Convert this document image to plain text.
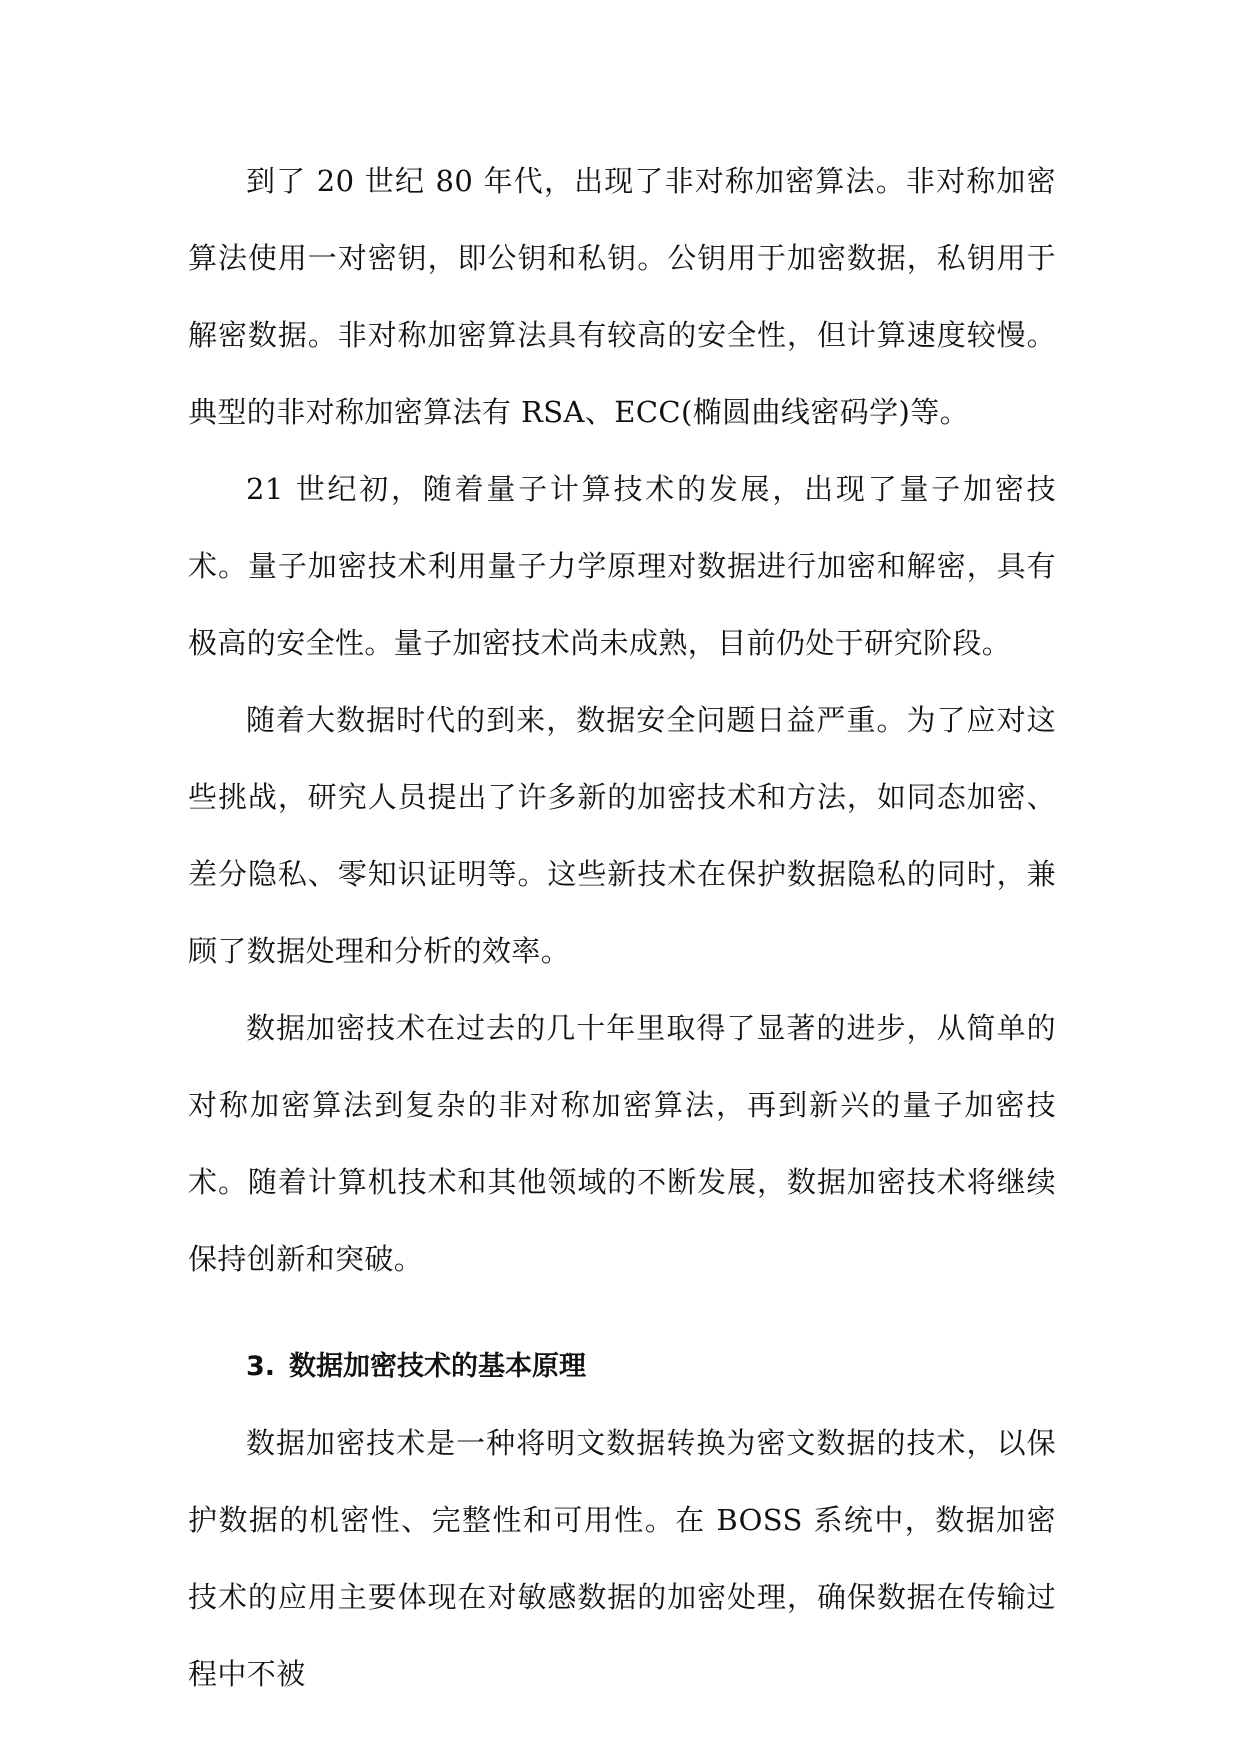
到了 20 世纪 80 年代，出现了非对称加密算法。非对称加密算法使用一对密钥，即公钥和私钥。公钥用于加密数据，私钥用于解密数据。非对称加密算法具有较高的安全性，但计算速度较慢。典型的非对称加密算法有 RSA、ECC(椭圆曲线密码学)等。

21 世纪初，随着量子计算技术的发展，出现了量子加密技术。量子加密技术利用量子力学原理对数据进行加密和解密，具有极高的安全性。量子加密技术尚未成熟，目前仍处于研究阶段。

随着大数据时代的到来，数据安全问题日益严重。为了应对这些挑战，研究人员提出了许多新的加密技术和方法，如同态加密、差分隐私、零知识证明等。这些新技术在保护数据隐私的同时，兼顾了数据处理和分析的效率。

数据加密技术在过去的几十年里取得了显著的进步，从简单的对称加密算法到复杂的非对称加密算法，再到新兴的量子加密技术。随着计算机技术和其他领域的不断发展，数据加密技术将继续保持创新和突破。

3. 数据加密技术的基本原理

数据加密技术是一种将明文数据转换为密文数据的技术，以保护数据的机密性、完整性和可用性。在 BOSS 系统中，数据加密技术的应用主要体现在对敏感数据的加密处理，确保数据在传输过程中不被
